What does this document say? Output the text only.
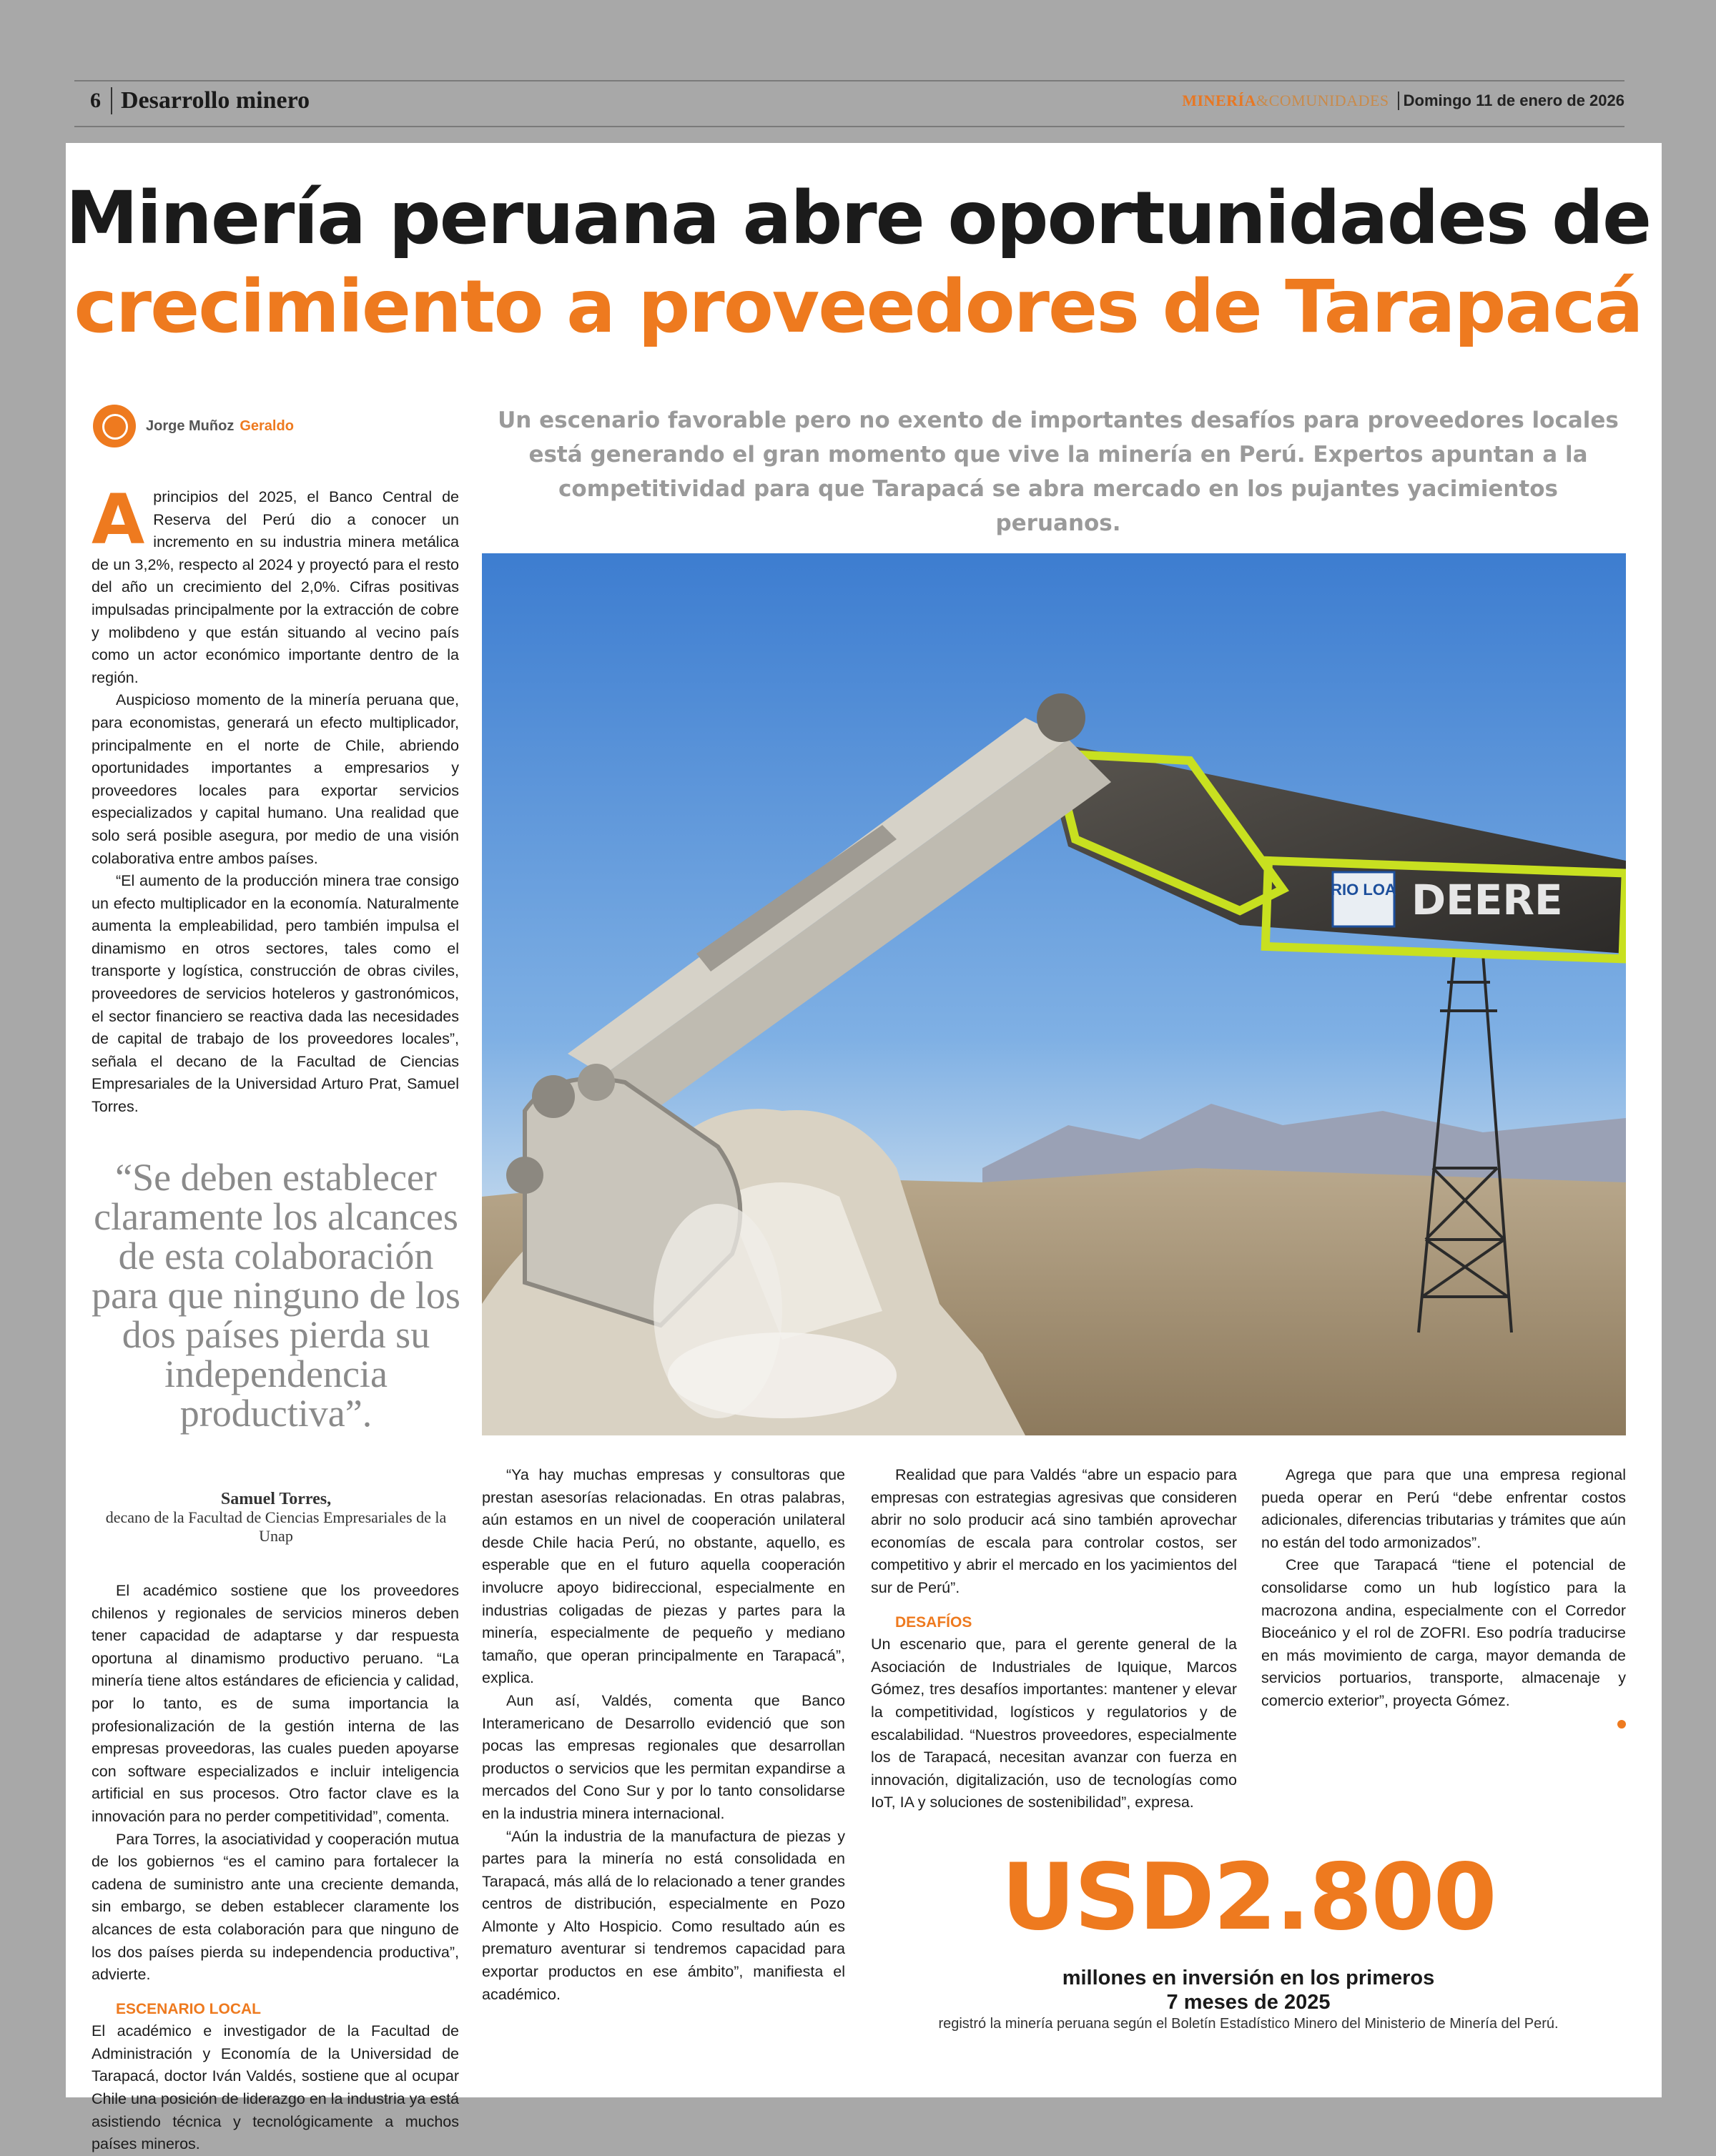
6 Desarrollo minero	MINERÍA &COMUNIDADES Domingo 11 de enero de 2026
Minería peruana abre oportunidades de
crecimiento a proveedores de Tarapacá
Jorge Muñoz Geraldo	Un escenario favorable pero no exento de importantes desafíos para proveedores locales está generando el gran momento que vive la minería en Perú. Expertos apuntan a la competitividad para que Tarapacá se abra mercado en los pujantes yacimientos peruanos.
RIO LOA DEERE
A principios del 2025, el Banco Central de Reserva del Perú dio a conocer un incremento en su industria minera metálica de un 3,2%, respecto al 2024 y proyectó para el resto del año un crecimiento del 2,0%. Cifras positivas impulsadas principalmente por la extracción de cobre y molibdeno y que están situando al vecino país como un actor económico importante dentro de la región.

Auspicioso momento de la minería peruana que, para economistas, generará un efecto multiplicador, principalmente en el norte de Chile, abriendo oportunidades importantes a empresarios y proveedores locales para exportar servicios especializados y capital humano. Una realidad que solo será posible asegura, por medio de una visión colaborativa entre ambos países.

“El aumento de la producción minera trae consigo un efecto multiplicador en la economía. Naturalmente aumenta la empleabilidad, pero también impulsa el dinamismo en otros sectores, tales como el transporte y logística, construcción de obras civiles, proveedores de servicios hoteleros y gastronómicos, el sector financiero se reactiva dada las necesidades de capital de trabajo de los proveedores locales”, señala el decano de la Facultad de Ciencias Empresariales de la Universidad Arturo Prat, Samuel Torres.

“Se deben establecer claramente los alcances de esta colaboración para que ninguno de los dos países pierda su independencia productiva”.
Samuel Torres,
decano de la Facultad de Ciencias Empresariales de la Unap

El académico sostiene que los proveedores chilenos y regionales de servicios mineros deben tener capacidad de adaptarse y dar respuesta oportuna al dinamismo productivo peruano. “La minería tiene altos estándares de eficiencia y calidad, por lo tanto, es de suma importancia la profesionalización de la gestión interna de las empresas proveedoras, las cuales pueden apoyarse con software especializados e incluir inteligencia artificial en sus procesos. Otro factor clave es la innovación para no perder competitividad”, comenta.

Para Torres, la asociatividad y cooperación mutua de los gobiernos “es el camino para fortalecer la cadena de suministro ante una creciente demanda, sin embargo, se deben establecer claramente los alcances de esta colaboración para que ninguno de los dos países pierda su independencia productiva”, advierte.

ESCENARIO LOCAL

El académico e investigador de la Facultad de Administración y Economía de la Universidad de Tarapacá, doctor Iván Valdés, sostiene que al ocupar Chile una posición de liderazgo en la industria ya está asistiendo técnica y tecnológicamente a muchos países mineros.

“Ya hay muchas empresas y consultoras que prestan asesorías relacionadas. En otras palabras, aún estamos en un nivel de cooperación unilateral desde Chile hacia Perú, no obstante, aquello, es esperable que en el futuro aquella cooperación involucre apoyo bidireccional, especialmente en industrias coligadas de piezas y partes para la minería, especialmente de pequeño y mediano tamaño, que operan principalmente en Tarapacá”, explica.

Aun así, Valdés, comenta que Banco Interamericano de Desarrollo evidenció que son pocas las empresas regionales que desarrollan productos o servicios que les permitan expandirse a mercados del Cono Sur y por lo tanto consolidarse en la industria minera internacional.

“Aún la industria de la manufactura de piezas y partes para la minería no está consolidada en Tarapacá, más allá de lo relacionado a tener grandes centros de distribución, especialmente en Pozo Almonte y Alto Hospicio. Como resultado aún es prematuro aventurar si tendremos capacidad para exportar productos en ese ámbito”, manifiesta el académico.

Realidad que para Valdés “abre un espacio para empresas con estrategias agresivas que consideren abrir no solo producir acá sino también aprovechar economías de escala para controlar costos, ser competitivo y abrir el mercado en los yacimientos del sur de Perú”.

DESAFÍOS

Un escenario que, para el gerente general de la Asociación de Industriales de Iquique, Marcos Gómez, tres desafíos importantes: mantener y elevar la competitividad, logísticos y regulatorios y de escalabilidad. “Nuestros proveedores, especialmente los de Tarapacá, necesitan avanzar con fuerza en innovación, digitalización, uso de tecnologías como IoT, IA y soluciones de sostenibilidad”, expresa.

Agrega que para que una empresa regional pueda operar en Perú “debe enfrentar costos adicionales, diferencias tributarias y trámites que aún no están del todo armonizados”.

Cree que Tarapacá “tiene el potencial de consolidarse como un hub logístico para la macrozona andina, especialmente con el Corredor Bioceánico y el rol de ZOFRI. Eso podría traducirse en más movimiento de carga, mayor demanda de servicios portuarios, transporte, almacenaje y comercio exterior”, proyecta Gómez.

USD2.800
millones en inversión en los primeros
7 meses de 2025
registró la minería peruana según el Boletín Estadístico Minero del Ministerio de Minería del Perú.
